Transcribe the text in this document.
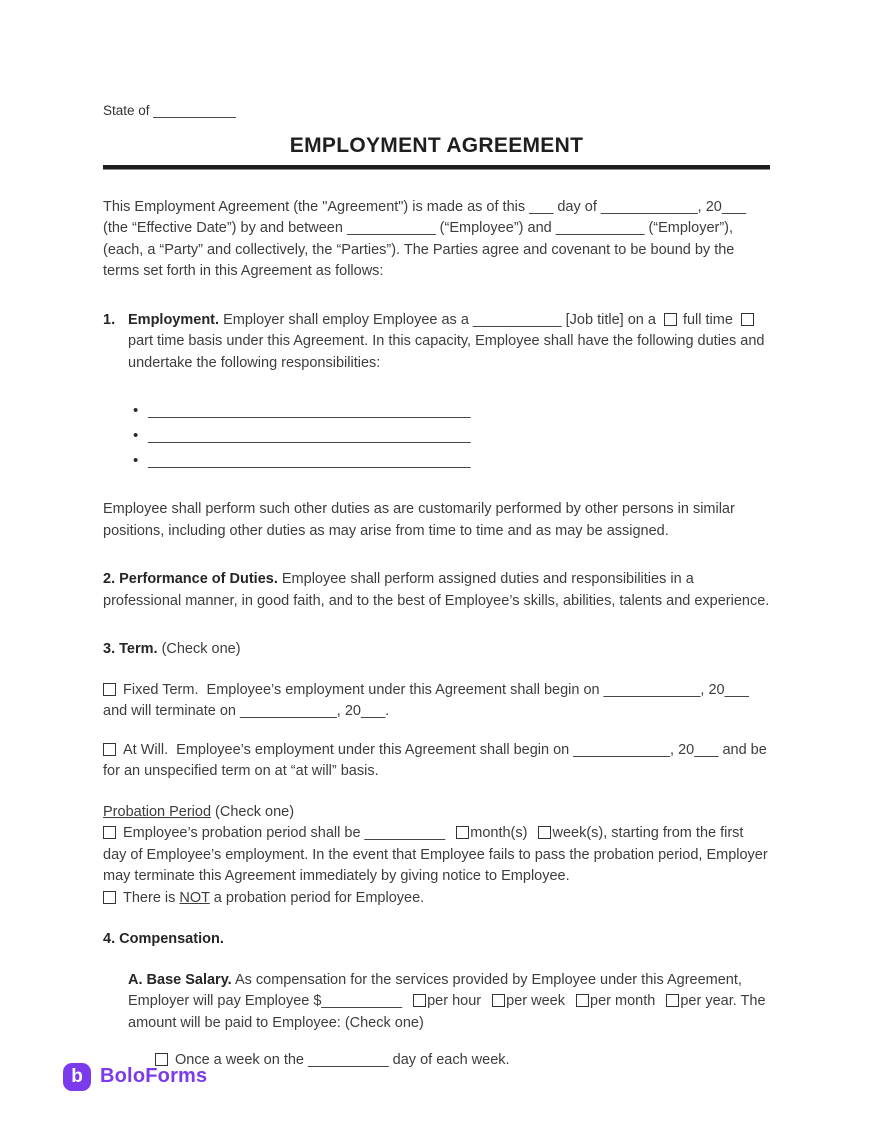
State of ___________
EMPLOYMENT AGREEMENT

This Employment Agreement (the "Agreement") is made as of this ___ day of ____________, 20___ (the “Effective Date”) by and between ___________ (“Employee”) and ___________ (“Employer”), (each, a “Party” and collectively, the “Parties”). The Parties agree and covenant to be bound by the terms set forth in this Agreement as follows:

1. Employment. Employer shall employ Employee as a ___________ [Job title] on a full time part time basis under this Agreement. In this capacity, Employee shall have the following duties and undertake the following responsibilities:
• ________________________________________
• ________________________________________
• ________________________________________

Employee shall perform such other duties as are customarily performed by other persons in similar positions, including other duties as may arise from time to time and as may be assigned.

2. Performance of Duties. Employee shall perform assigned duties and responsibilities in a professional manner, in good faith, and to the best of Employee’s skills, abilities, talents and experience.
3. Term. (Check one)
Fixed Term.  Employee’s employment under this Agreement shall begin on ____________, 20___ and will terminate on ____________, 20___.
At Will.  Employee’s employment under this Agreement shall begin on ____________, 20___ and be for an unspecified term on at “at will” basis.
Probation Period (Check one)
Employee’s probation period shall be __________ month(s) week(s), starting from the first day of Employee’s employment. In the event that Employee fails to pass the probation period, Employer may terminate this Agreement immediately by giving notice to Employee.
There is NOT a probation period for Employee.
4. Compensation.
A. Base Salary. As compensation for the services provided by Employee under this Agreement, Employer will pay Employee $__________ per hour per week per month per year. The amount will be paid to Employee: (Check one)
Once a week on the __________ day of each week.
b BoloForms
